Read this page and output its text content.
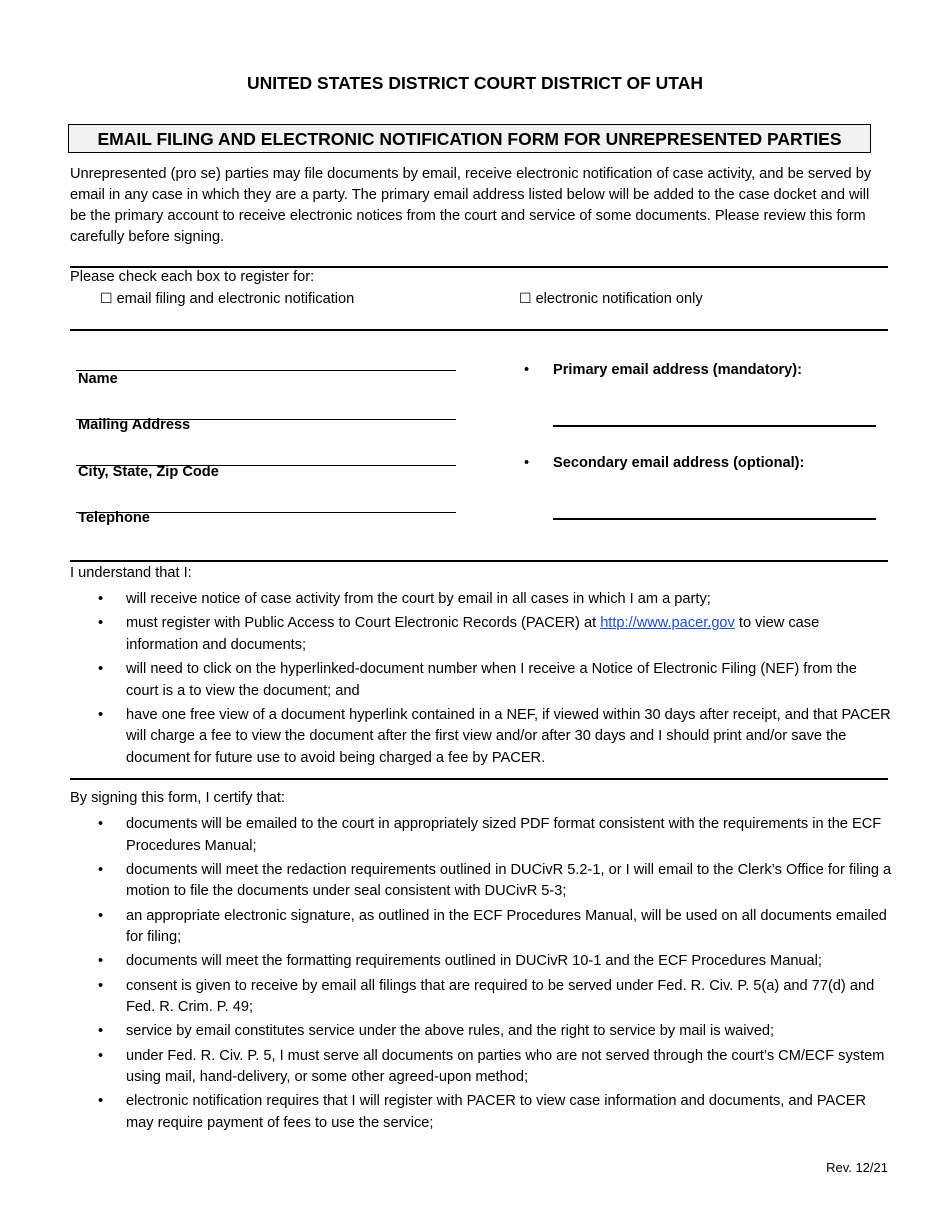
UNITED STATES DISTRICT COURT DISTRICT OF UTAH
EMAIL FILING AND ELECTRONIC NOTIFICATION FORM FOR UNREPRESENTED PARTIES
Unrepresented (pro se) parties may file documents by email, receive electronic notification of case activity, and be served by email in any case in which they are a party. The primary email address listed below will be added to the case docket and will be the primary account to receive electronic notices from the court and service of some documents. Please review this form carefully before signing.
Please check each box to register for:
☐ email filing and electronic notification	☐ electronic notification only
Name
Mailing Address
City, State, Zip Code
Telephone
• Primary email address (mandatory):
• Secondary email address (optional):
I understand that I:
• will receive notice of case activity from the court by email in all cases in which I am a party;
• must register with Public Access to Court Electronic Records (PACER) at http://www.pacer.gov to view case information and documents;
• will need to click on the hyperlinked-document number when I receive a Notice of Electronic Filing (NEF) from the court is a to view the document; and
• have one free view of a document hyperlink contained in a NEF, if viewed within 30 days after receipt, and that PACER will charge a fee to view the document after the first view and/or after 30 days and I should print and/or save the document for future use to avoid being charged a fee by PACER.
By signing this form, I certify that:
• documents will be emailed to the court in appropriately sized PDF format consistent with the requirements in the ECF Procedures Manual;
• documents will meet the redaction requirements outlined in DUCivR 5.2-1, or I will email to the Clerk’s Office for filing a motion to file the documents under seal consistent with DUCivR 5-3;
• an appropriate electronic signature, as outlined in the ECF Procedures Manual, will be used on all documents emailed for filing;
• documents will meet the formatting requirements outlined in DUCivR 10-1 and the ECF Procedures Manual;
• consent is given to receive by email all filings that are required to be served under Fed. R. Civ. P. 5(a) and 77(d) and Fed. R. Crim. P. 49;
• service by email constitutes service under the above rules, and the right to service by mail is waived;
• under Fed. R. Civ. P. 5, I must serve all documents on parties who are not served through the court’s CM/ECF system using mail, hand-delivery, or some other agreed-upon method;
• electronic notification requires that I will register with PACER to view case information and documents, and PACER may require payment of fees to use the service;
Rev. 12/21
